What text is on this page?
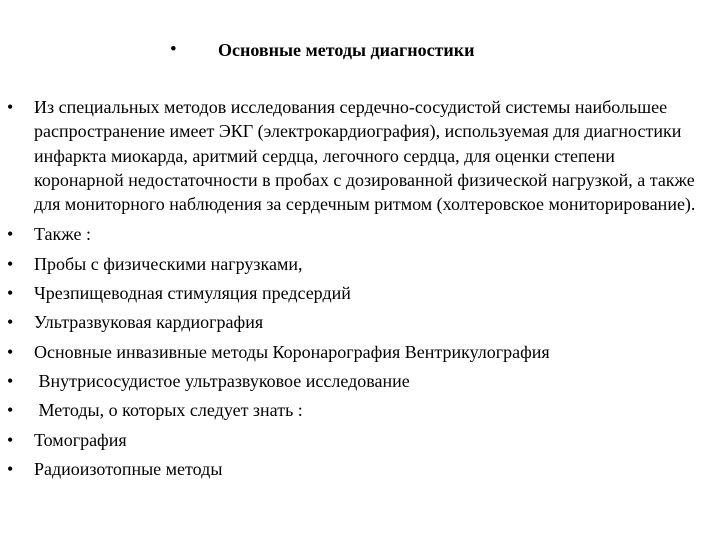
• Основные методы диагностики
• Из специальных методов исследования сердечно-сосудистой системы наибольшее распространение имеет ЭКГ (электрокардиография), используемая для диагностики инфаркта миокарда, аритмий сердца, легочного сердца, для оценки степени коронарной недостаточности в пробах с дозированной физической нагрузкой, а также для мониторного наблюдения за сердечным ритмом (холтеровское мониторирование).
• Также :
• Пробы с физическими нагрузками,
• Чрезпищеводная стимуляция предсердий
• Ультразвуковая кардиография
• Основные инвазивные методы Коронарография Вентрикулография
• Внутрисосудистое ультразвуковое исследование
• Методы, о которых следует знать :
• Томография
• Радиоизотопные методы
